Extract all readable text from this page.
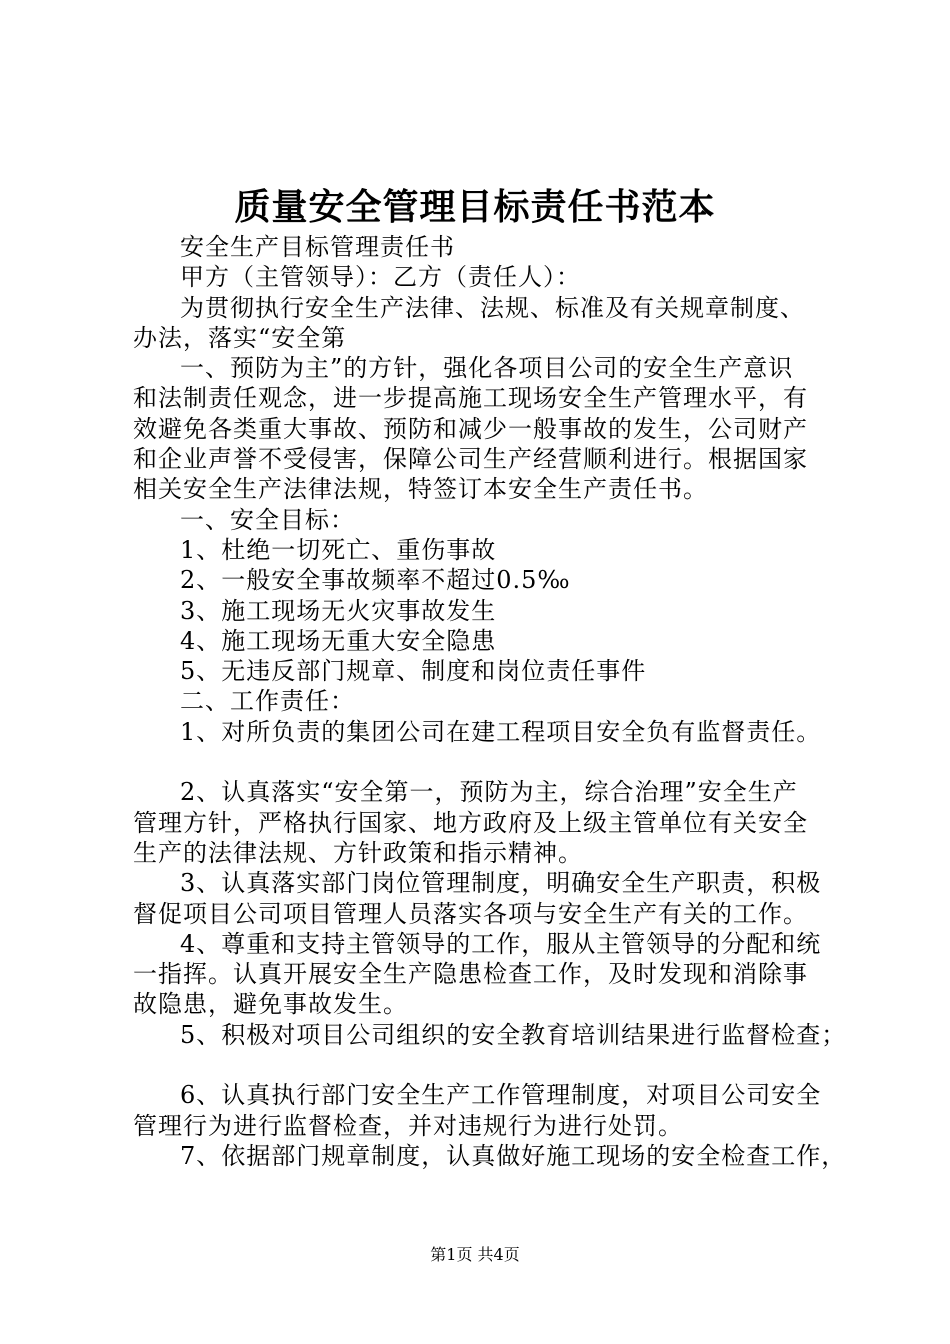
质量安全管理目标责任书范本

安全生产目标管理责任书

甲方（主管领导）：乙方（责任人）：

为贯彻执行安全生产法律、法规、标准及有关规章制度、

办法，落实“安全第

一、预防为主”的方针，强化各项目公司的安全生产意识

和法制责任观念，进一步提高施工现场安全生产管理水平，有

效避免各类重大事故、预防和减少一般事故的发生，公司财产

和企业声誉不受侵害，保障公司生产经营顺利进行。根据国家

相关安全生产法律法规，特签订本安全生产责任书。

一、安全目标：

1、杜绝一切死亡、重伤事故

2、一般安全事故频率不超过0.5‰

3、施工现场无火灾事故发生

4、施工现场无重大安全隐患

5、无违反部门规章、制度和岗位责任事件

二、工作责任：

1、对所负责的集团公司在建工程项目安全负有监督责任。

2、认真落实“安全第一，预防为主，综合治理”安全生产

管理方针，严格执行国家、地方政府及上级主管单位有关安全

生产的法律法规、方针政策和指示精神。

3、认真落实部门岗位管理制度，明确安全生产职责，积极

督促项目公司项目管理人员落实各项与安全生产有关的工作。

4、尊重和支持主管领导的工作，服从主管领导的分配和统

一指挥。认真开展安全生产隐患检查工作，及时发现和消除事

故隐患，避免事故发生。

5、积极对项目公司组织的安全教育培训结果进行监督检查；

6、认真执行部门安全生产工作管理制度，对项目公司安全

管理行为进行监督检查，并对违规行为进行处罚。

7、依据部门规章制度，认真做好施工现场的安全检查工作，

第1页 共4页
